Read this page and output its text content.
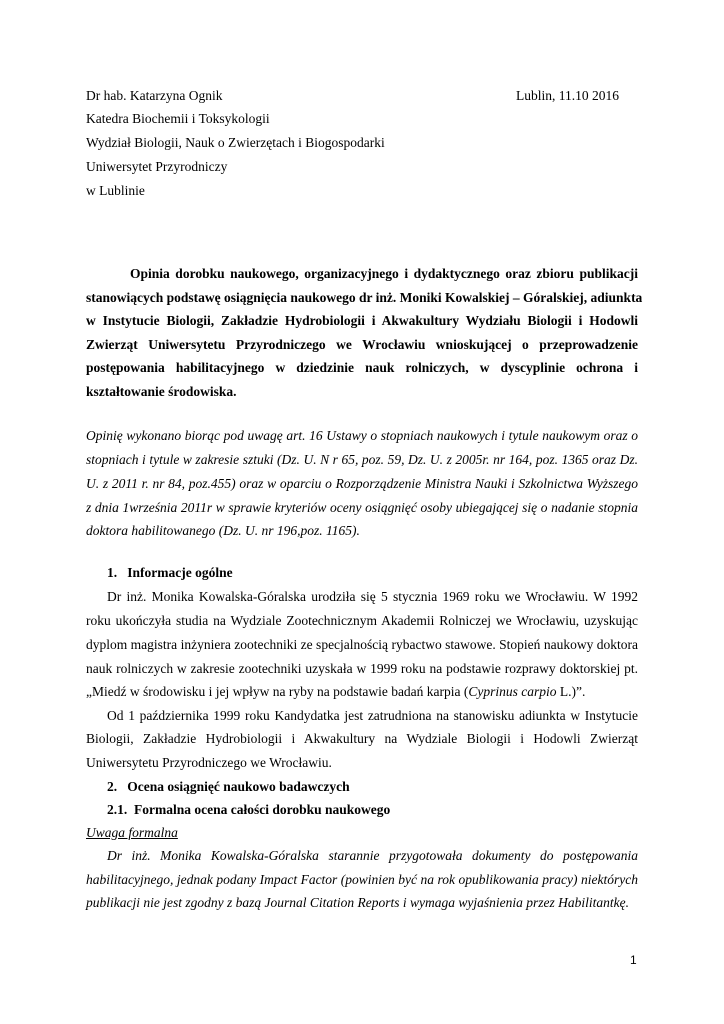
Dr hab. Katarzyna Ognik	Lublin, 11.10 2016
Katedra Biochemii i Toksykologii
Wydział Biologii, Nauk o Zwierzętach i Biogospodarki
Uniwersytet Przyrodniczy
w Lublinie
Opinia dorobku naukowego, organizacyjnego i dydaktycznego oraz zbioru publikacji
stanowiących podstawę osiągnięcia naukowego dr inż. Moniki Kowalskiej – Góralskiej, adiunkta
w Instytucie Biologii, Zakładzie Hydrobiologii i Akwakultury Wydziału Biologii i Hodowli
Zwierząt Uniwersytetu Przyrodniczego we Wrocławiu wnioskującej o przeprowadzenie
postępowania habilitacyjnego w dziedzinie nauk rolniczych, w dyscyplinie ochrona i
kształtowanie środowiska.
Opinię wykonano biorąc pod uwagę art. 16 Ustawy o stopniach naukowych i tytule naukowym oraz o
stopniach i tytule w zakresie sztuki (Dz. U. N r 65, poz. 59, Dz. U. z 2005r. nr 164, poz. 1365 oraz Dz.
U. z 2011 r. nr 84, poz.455) oraz w oparciu o Rozporządzenie Ministra Nauki i Szkolnictwa Wyższego
z dnia 1września 2011r w sprawie kryteriów oceny osiągnięć osoby ubiegającej się o nadanie stopnia
doktora habilitowanego (Dz. U. nr 196,poz. 1165).
1.   Informacje ogólne
Dr inż. Monika Kowalska-Góralska urodziła się 5 stycznia 1969 roku we Wrocławiu. W 1992
roku ukończyła studia na Wydziale Zootechnicznym Akademii Rolniczej we Wrocławiu, uzyskując
dyplom magistra inżyniera zootechniki ze specjalnością rybactwo stawowe. Stopień naukowy doktora
nauk rolniczych w zakresie zootechniki uzyskała w 1999 roku na podstawie rozprawy doktorskiej pt.
„Miedź w środowisku i jej wpływ na ryby na podstawie badań karpia (Cyprinus carpio L.)”.
Od 1 października 1999 roku Kandydatka jest zatrudniona na stanowisku adiunkta w Instytucie
Biologii, Zakładzie Hydrobiologii i Akwakultury na Wydziale Biologii i Hodowli Zwierząt
Uniwersytetu Przyrodniczego we Wrocławiu.
2.   Ocena osiągnięć naukowo badawczych
2.1.  Formalna ocena całości dorobku naukowego
Uwaga formalna
Dr inż. Monika Kowalska-Góralska starannie przygotowała dokumenty do postępowania
habilitacyjnego, jednak podany Impact Factor (powinien być na rok opublikowania pracy) niektórych
publikacji nie jest zgodny z bazą Journal Citation Reports i wymaga wyjaśnienia przez Habilitantkę.
1
